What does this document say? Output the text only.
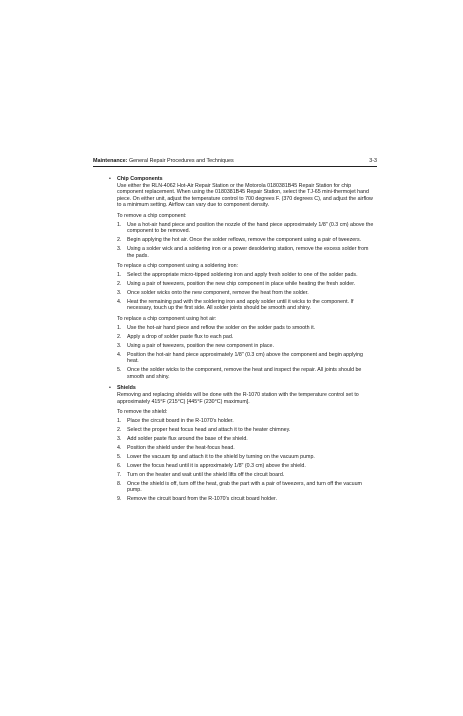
Maintenance: General Repair Procedures and Techniques	3-3
• Chip Components

Use either the RLN-4062 Hot-Air Repair Station or the Motorola 0180381B45 Repair Station for chip component replacement. When using the 0180381B45 Repair Station, select the TJ-65 mini-thermojet hand piece. On either unit, adjust the temperature control to 700 degrees F. (370 degrees C), and adjust the airflow to a minimum setting. Airflow can vary due to component density.

To remove a chip component:

1. Use a hot-air hand piece and position the nozzle of the hand piece approximately 1/8" (0.3 cm) above the component to be removed.
2. Begin applying the hot air. Once the solder reflows, remove the component using a pair of tweezers.
3. Using a solder wick and a soldering iron or a power desoldering station, remove the excess solder from the pads.

To replace a chip component using a soldering iron:

1. Select the appropriate micro-tipped soldering iron and apply fresh solder to one of the solder pads.
2. Using a pair of tweezers, position the new chip component in place while heating the fresh solder.
3. Once solder wicks onto the new component, remove the heat from the solder.
4. Heat the remaining pad with the soldering iron and apply solder until it wicks to the component. If necessary, touch up the first side. All solder joints should be smooth and shiny.

To replace a chip component using hot air:

1. Use the hot-air hand piece and reflow the solder on the solder pads to smooth it.
2. Apply a drop of solder paste flux to each pad.
3. Using a pair of tweezers, position the new component in place.
4. Position the hot-air hand piece approximately 1/8" (0.3 cm) above the component and begin applying heat.
5. Once the solder wicks to the component, remove the heat and inspect the repair. All joints should be smooth and shiny.
• Shields

Removing and replacing shields will be done with the R-1070 station with the temperature control set to approximately 415°F (215°C) [445°F (230°C) maximum].

To remove the shield:

1. Place the circuit board in the R-1070's holder.
2. Select the proper heat focus head and attach it to the heater chimney.
3. Add solder paste flux around the base of the shield.
4. Position the shield under the heat-focus head.
5. Lower the vacuum tip and attach it to the shield by turning on the vacuum pump.
6. Lower the focus head until it is approximately 1/8" (0.3 cm) above the shield.
7. Turn on the heater and wait until the shield lifts off the circuit board.
8. Once the shield is off, turn off the heat, grab the part with a pair of tweezers, and turn off the vacuum pump.
9. Remove the circuit board from the R-1070's circuit board holder.
